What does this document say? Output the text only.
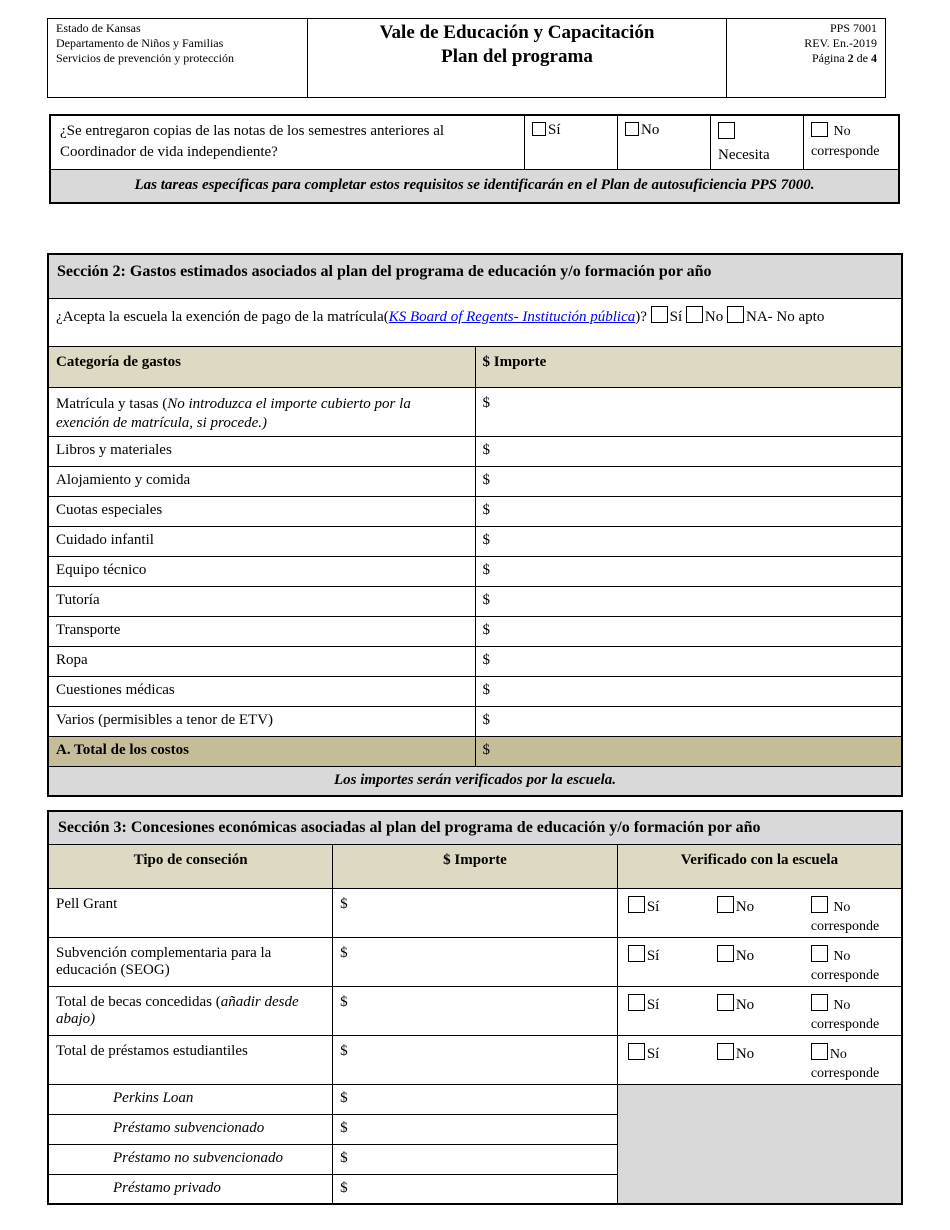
Estado de Kansas
Departamento de Niños y Familias
Servicios de prevención y protección

Vale de Educación y Capacitación
Plan del programa

PPS 7001
REV. En.-2019
Página 2 de 4
¿Se entregaron copias de las notas de los semestres anteriores al Coordinador de vida independiente?	Sí	No	
Necesita	No corresponde
Las tareas específicas para completar estos requisitos se identificarán en el Plan de autosuficiencia PPS 7000.
Sección 2: Gastos estimados asociados al plan del programa de educación y/o formación por año	
¿Acepta la escuela la exención de pago de la matrícula(KS Board of Regents- Institución pública)? Sí No NA- No apto	
Categoría de gastos	$ Importe
Matrícula y tasas (No introduzca el importe cubierto por la exención de matrícula, si procede.)	$
Libros y materiales	$
Alojamiento y comida	$
Cuotas especiales	$
Cuidado infantil	$
Equipo técnico	$
Tutoría	$
Transporte	$
Ropa	$
Cuestiones médicas	$
Varios (permisibles a tenor de ETV)	$
A. Total de los costos	$
Los importes serán verificados por la escuela.	
Sección 3: Concesiones económicas asociadas al plan del programa de educación y/o formación por año		
Tipo de conseción	$ Importe	Verificado con la escuela
Pell Grant	$	Sí No No
corresponde

Subvención complementaria para la educación (SEOG)	$	Sí No No
corresponde

Total de becas concedidas (añadir desde abajo)	$	Sí No No
corresponde

Total de préstamos estudiantiles	$	Sí No No
corresponde

Perkins Loan	$	
Préstamo subvencionado	$	
Préstamo no subvencionado	$	
Préstamo privado	$	
